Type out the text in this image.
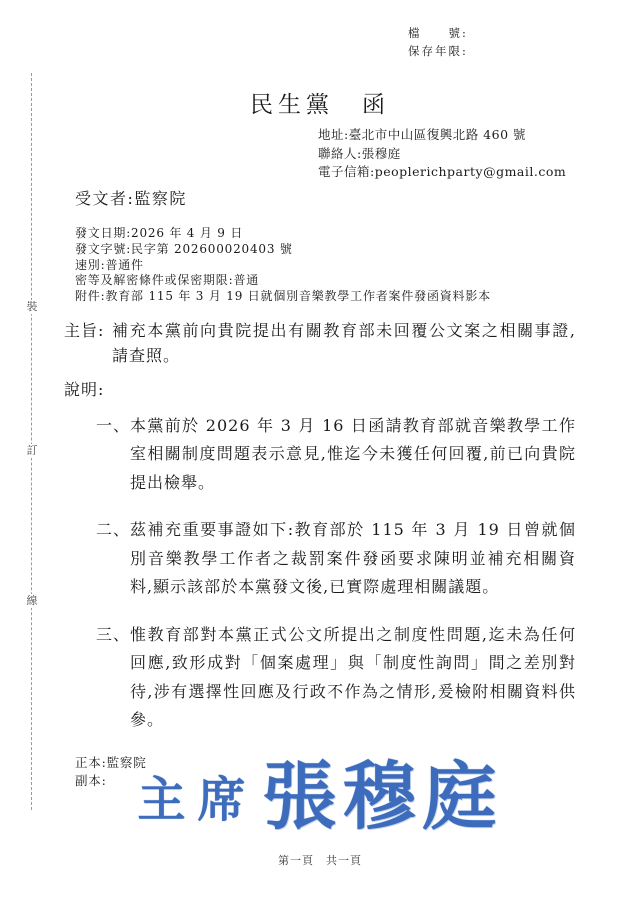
裝
訂
線
檔　　號:
保存年限:
民生黨　函
地址:臺北市中山區復興北路 460 號
聯絡人:張穆庭
電子信箱:peoplerichparty@gmail.com
受文者:監察院
發文日期:2026 年 4 月 9 日
發文字號:民字第 202600020403 號
速別:普通件
密等及解密條件或保密期限:普通
附件:教育部 115 年 3 月 19 日就個別音樂教學工作者案件發函資料影本
主旨: 補充本黨前向貴院提出有關教育部未回覆公文案之相關事證,請查照。
說明:
一、 本黨前於 2026 年 3 月 16 日函請教育部就音樂教學工作室相關制度問題表示意見,惟迄今未獲任何回覆,前已向貴院提出檢舉。
二、 茲補充重要事證如下:教育部於 115 年 3 月 19 日曾就個別音樂教學工作者之裁罰案件發函要求陳明並補充相關資料,顯示該部於本黨發文後,已實際處理相關議題。
三、 惟教育部對本黨正式公文所提出之制度性問題,迄未為任何回應,致形成對「個案處理」與「制度性詢問」間之差別對待,涉有選擇性回應及行政不作為之情形,爰檢附相關資料供參。
正本:監察院
副本: 主席 張穆庭
第一頁　共一頁
